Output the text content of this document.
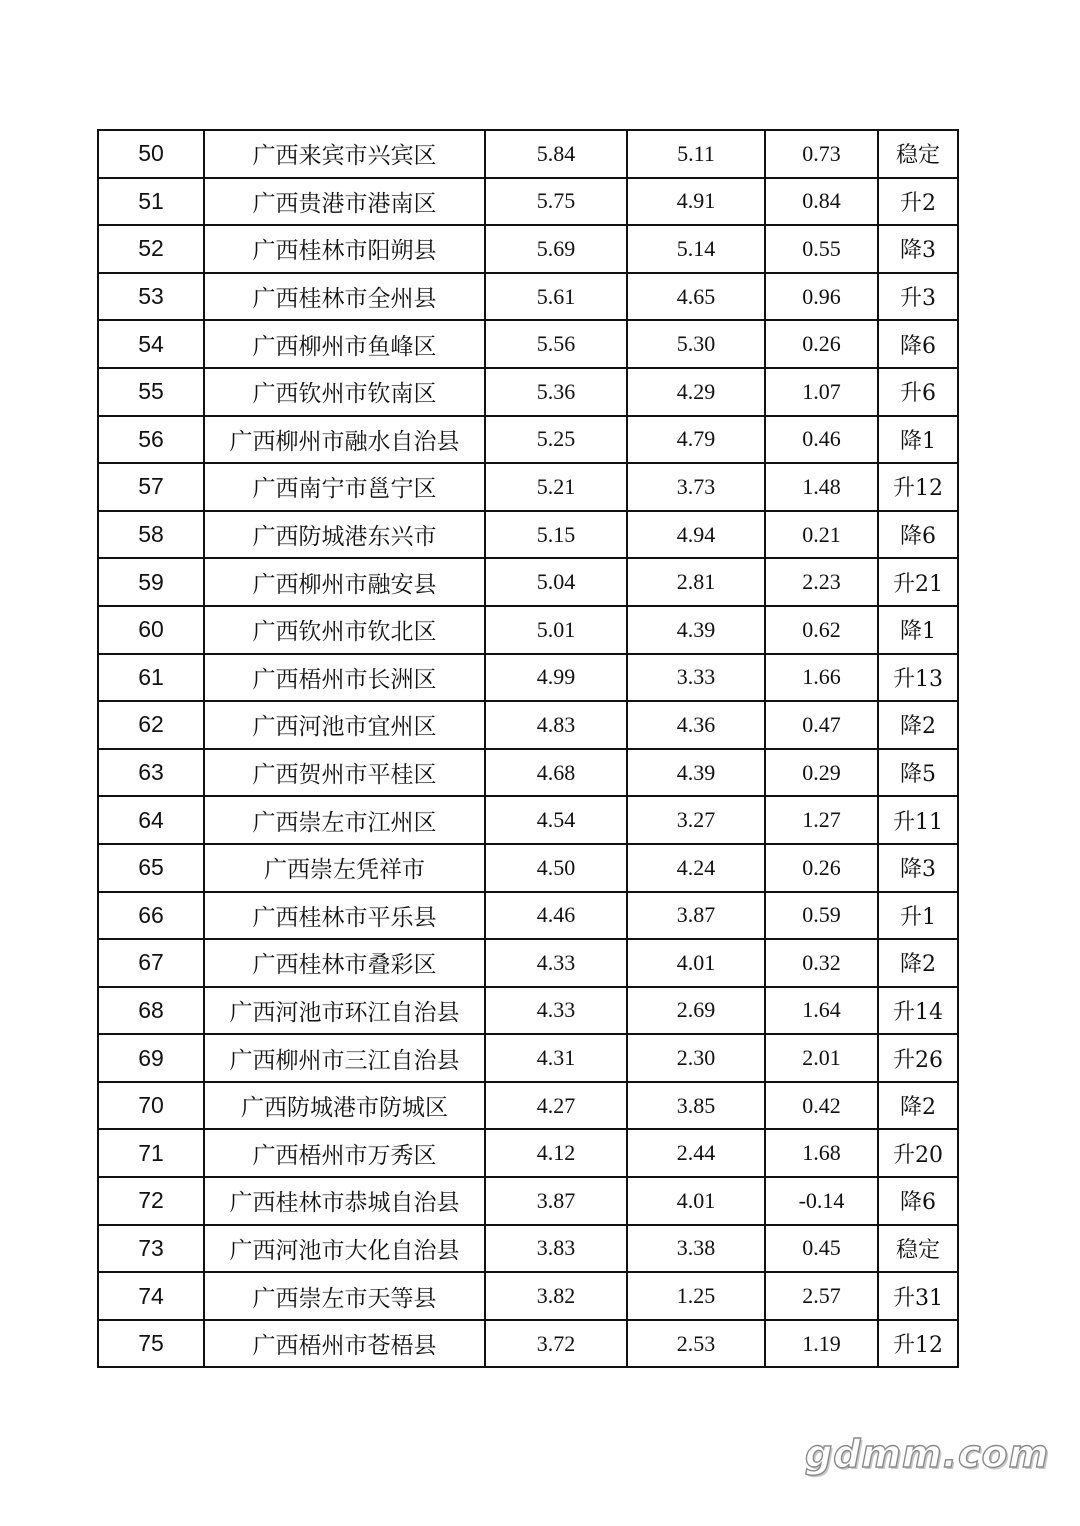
50	广西来宾市兴宾区	5.84	5.11	0.73	稳定
51	广西贵港市港南区	5.75	4.91	0.84	升2
52	广西桂林市阳朔县	5.69	5.14	0.55	降3
53	广西桂林市全州县	5.61	4.65	0.96	升3
54	广西柳州市鱼峰区	5.56	5.30	0.26	降6
55	广西钦州市钦南区	5.36	4.29	1.07	升6
56	广西柳州市融水自治县	5.25	4.79	0.46	降1
57	广西南宁市邕宁区	5.21	3.73	1.48	升12
58	广西防城港东兴市	5.15	4.94	0.21	降6
59	广西柳州市融安县	5.04	2.81	2.23	升21
60	广西钦州市钦北区	5.01	4.39	0.62	降1
61	广西梧州市长洲区	4.99	3.33	1.66	升13
62	广西河池市宜州区	4.83	4.36	0.47	降2
63	广西贺州市平桂区	4.68	4.39	0.29	降5
64	广西崇左市江州区	4.54	3.27	1.27	升11
65	广西崇左凭祥市	4.50	4.24	0.26	降3
66	广西桂林市平乐县	4.46	3.87	0.59	升1
67	广西桂林市叠彩区	4.33	4.01	0.32	降2
68	广西河池市环江自治县	4.33	2.69	1.64	升14
69	广西柳州市三江自治县	4.31	2.30	2.01	升26
70	广西防城港市防城区	4.27	3.85	0.42	降2
71	广西梧州市万秀区	4.12	2.44	1.68	升20
72	广西桂林市恭城自治县	3.87	4.01	-0.14	降6
73	广西河池市大化自治县	3.83	3.38	0.45	稳定
74	广西崇左市天等县	3.82	1.25	2.57	升31
75	广西梧州市苍梧县	3.72	2.53	1.19	升12
gdmm.com
